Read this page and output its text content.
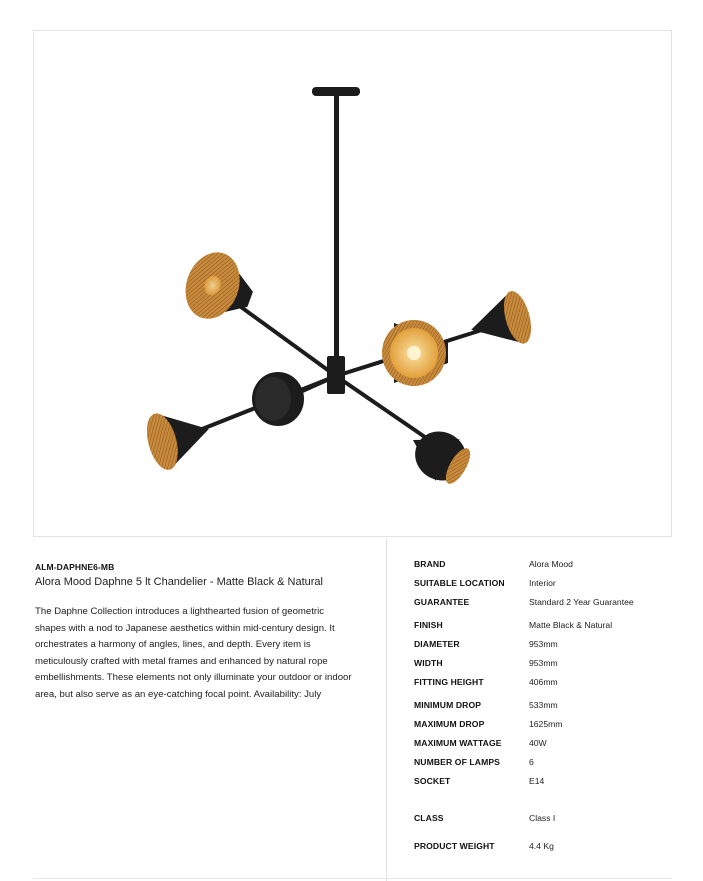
ALM-DAPHNE6-MB
Alora Mood Daphne 5 lt Chandelier - Matte Black & Natural

The Daphne Collection introduces a lighthearted fusion of geometric shapes with a nod to Japanese aesthetics within mid-century design. It orchestrates a harmony of angles, lines, and depth. Every item is meticulously crafted with metal frames and enhanced by natural rope embellishments. These elements not only illuminate your outdoor or indoor area, but also serve as an eye-catching focal point. Availability: July

BRAND	Alora Mood
SUITABLE LOCATION	Interior
GUARANTEE	Standard 2 Year Guarantee
FINISH	Matte Black & Natural
DIAMETER	953mm
WIDTH	953mm
FITTING HEIGHT	406mm
MINIMUM DROP	533mm
MAXIMUM DROP	1625mm
MAXIMUM WATTAGE	40W
NUMBER OF LAMPS	6
SOCKET	E14
CLASS	Class I
PRODUCT WEIGHT	4.4 Kg
